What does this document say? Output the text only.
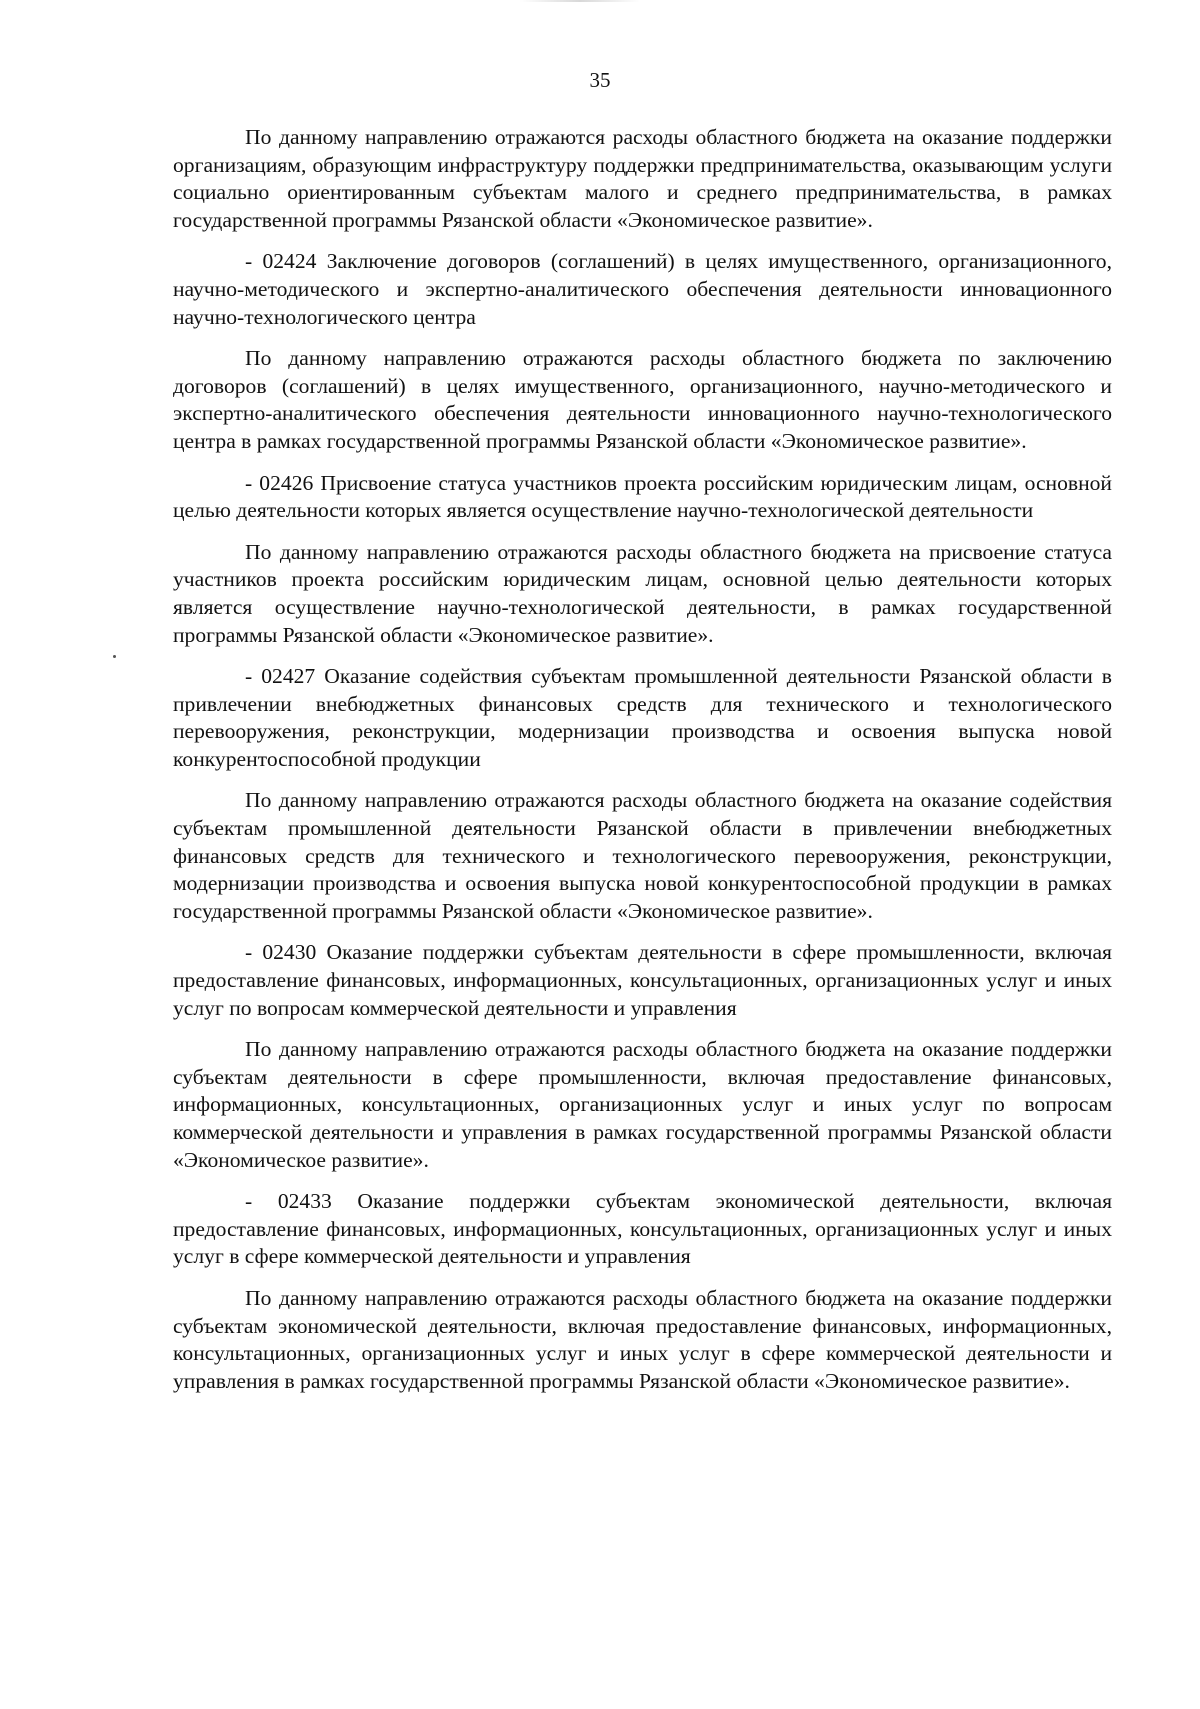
35

По данному направлению отражаются расходы областного бюджета на оказание поддержки организациям, образующим инфраструктуру поддержки предпринимательства, оказывающим услуги социально ориентированным субъектам малого и среднего предпринимательства, в рамках государственной программы Рязанской области «Экономическое развитие».

- 02424 Заключение договоров (соглашений) в целях имущественного, организационного, научно-методического и экспертно-аналитического обеспечения деятельности инновационного научно-технологического центра

По данному направлению отражаются расходы областного бюджета по заключению договоров (соглашений) в целях имущественного, организационного, научно-методического и экспертно-аналитического обеспечения деятельности инновационного научно-технологического центра в рамках государственной программы Рязанской области «Экономическое развитие».

- 02426 Присвоение статуса участников проекта российским юридическим лицам, основной целью деятельности которых является осуществление научно-технологической деятельности

По данному направлению отражаются расходы областного бюджета на присвоение статуса участников проекта российским юридическим лицам, основной целью деятельности которых является осуществление научно-технологической деятельности, в рамках государственной программы Рязанской области «Экономическое развитие».

- 02427 Оказание содействия субъектам промышленной деятельности Рязанской области в привлечении внебюджетных финансовых средств для технического и технологического перевооружения, реконструкции, модернизации производства и освоения выпуска новой конкурентоспособной продукции

По данному направлению отражаются расходы областного бюджета на оказание содействия субъектам промышленной деятельности Рязанской области в привлечении внебюджетных финансовых средств для технического и технологического перевооружения, реконструкции, модернизации производства и освоения выпуска новой конкурентоспособной продукции в рамках государственной программы Рязанской области «Экономическое развитие».

- 02430 Оказание поддержки субъектам деятельности в сфере промышленности, включая предоставление финансовых, информационных, консультационных, организационных услуг и иных услуг по вопросам коммерческой деятельности и управления

По данному направлению отражаются расходы областного бюджета на оказание поддержки субъектам деятельности в сфере промышленности, включая предоставление финансовых, информационных, консультационных, организационных услуг и иных услуг по вопросам коммерческой деятельности и управления в рамках государственной программы Рязанской области «Экономическое развитие».

- 02433 Оказание поддержки субъектам экономической деятельности, включая предоставление финансовых, информационных, консультационных, организационных услуг и иных услуг в сфере коммерческой деятельности и управления

По данному направлению отражаются расходы областного бюджета на оказание поддержки субъектам экономической деятельности, включая предоставление финансовых, информационных, консультационных, организационных услуг и иных услуг в сфере коммерческой деятельности и управления в рамках государственной программы Рязанской области «Экономическое развитие».
